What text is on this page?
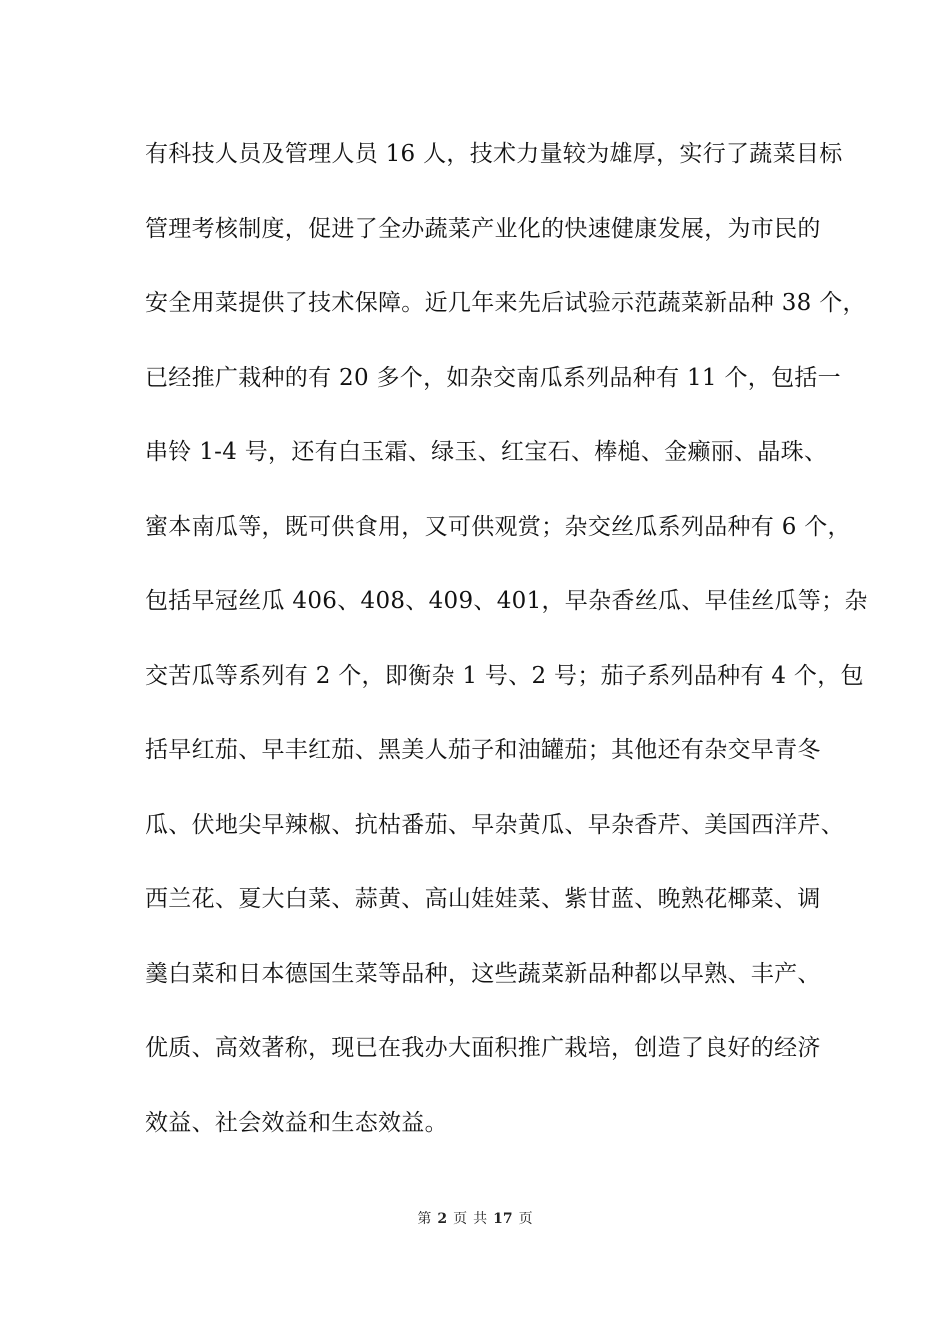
有科技人员及管理人员 16 人，技术力量较为雄厚，实行了蔬菜目标
管理考核制度，促进了全办蔬菜产业化的快速健康发展，为市民的
安全用菜提供了技术保障。近几年来先后试验示范蔬菜新品种 38 个，
已经推广栽种的有 20 多个，如杂交南瓜系列品种有 11 个，包括一
串铃 1-4 号，还有白玉霜、绿玉、红宝石、棒槌、金癞丽、晶珠、
蜜本南瓜等，既可供食用，又可供观赏；杂交丝瓜系列品种有 6 个，
包括早冠丝瓜 406、408、409、401，早杂香丝瓜、早佳丝瓜等；杂
交苦瓜等系列有 2 个，即衡杂 1 号、2 号；茄子系列品种有 4 个，包
括早红茄、早丰红茄、黑美人茄子和油罐茄；其他还有杂交早青冬
瓜、伏地尖早辣椒、抗枯番茄、早杂黄瓜、早杂香芹、美国西洋芹、
西兰花、夏大白菜、蒜黄、高山娃娃菜、紫甘蓝、晚熟花椰菜、调
羹白菜和日本德国生菜等品种，这些蔬菜新品种都以早熟、丰产、
优质、高效著称，现已在我办大面积推广栽培，创造了良好的经济
效益、社会效益和生态效益。
第 2 页 共 17 页
